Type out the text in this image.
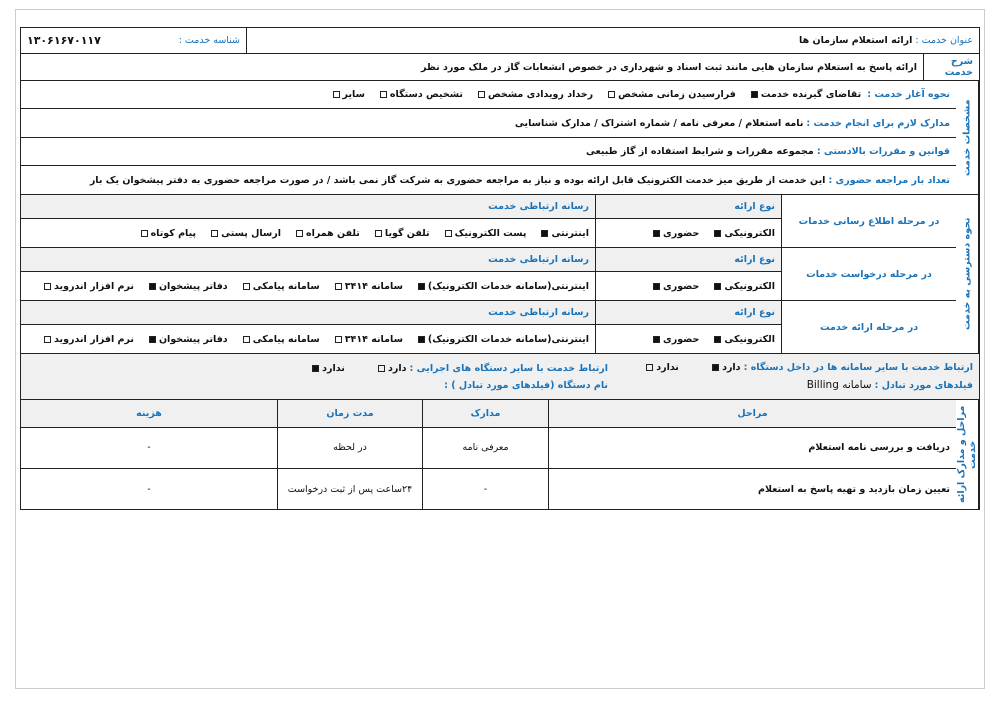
عنوان خدمت :

ارائه استعلام سازمان ها
شناسه خدمت :
۱۳۰۶۱۶۷۰۱۱۷
شرح خدمت
ارائه پاسخ به استعلام سازمان هایی مانند ثبت اسناد و شهرداری در خصوص انشعابات گاز در ملک مورد نظر
مشخصات خدمت
نحوه آغاز خدمت :

تقاضای گیرنده خدمتفرارسیدن زمانی مشخصرخداد رویدادی مشخصتشخیص دستگاهسایر
مدارک لازم برای انجام خدمت :

نامه استعلام / معرفی نامه / شماره اشتراک / مدارک شناسایی
قوانین و مقررات بالادستی :

مجموعه مقررات و شرایط استفاده از گاز طبیعی
تعداد بار مراجعه حضوری :

این خدمت از طریق میز خدمت الکترونیک قابل ارائه بوده و نیاز به مراجعه حضوری به شرکت گاز نمی باشد / در صورت مراجعه حضوری به دفتر پیشخوان یک بار
نحوه دسترسی به خدمت
در مرحله اطلاع رسانی خدمات
نوع ارائه
الکترونیکی
حضوری
رسانه ارتباطی خدمت
اینترنتی
پست الکترونیک
تلفن گویا
تلفن همراه
ارسال پستی
پیام کوتاه
در مرحله درخواست خدمات
نوع ارائه
الکترونیکی
حضوری
رسانه ارتباطی خدمت
اینترنتی(سامانه خدمات الکترونیک)
سامانه ۳۴۱۴
سامانه پیامکی
دفاتر پیشخوان
نرم افزار اندروید
در مرحله ارائه خدمت
نوع ارائه
الکترونیکی
حضوری
رسانه ارتباطی خدمت
اینترنتی(سامانه خدمات الکترونیک)
سامانه ۳۴۱۴
سامانه پیامکی
دفاتر پیشخوان
نرم افزار اندروید
ارتباط خدمت با سایر سامانه ها در داخل دستگاه : دارد          ندارد
فیلدهای مورد تبادل : سامانه Billing
ارتباط خدمت با سایر دستگاه های اجرایی : دارد          ندارد
نام دستگاه (فیلدهای مورد تبادل ) :
مراحل و مدارک ارائه خدمت
مراحل	مدارک	مدت زمان	هزینه
دریافت و بررسی نامه استعلام	معرفی نامه	در لحظه	-
تعیین زمان بازدید و تهیه پاسخ به استعلام	-	۲۴ساعت پس از ثبت درخواست	-
